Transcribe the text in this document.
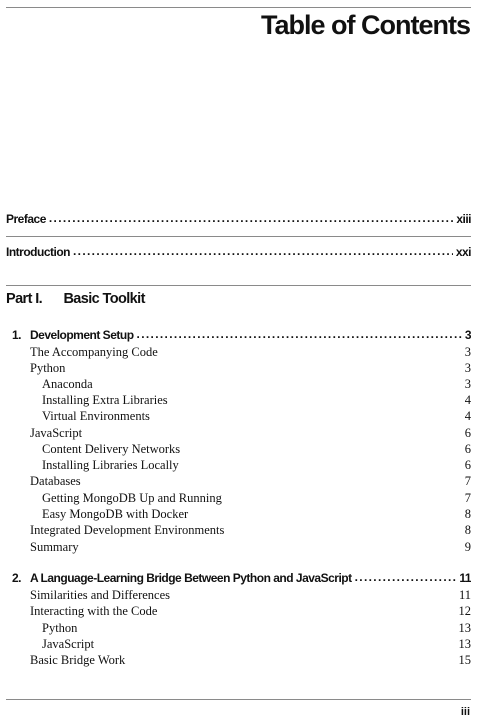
Table of Contents
Preface . . .	xiii
Introduction . . .	xxi
Part I. Basic Toolkit
1. Development Setup . . .	3
The Accompanying Code	3
Python	3
Anaconda	3
Installing Extra Libraries	4
Virtual Environments	4
JavaScript	6
Content Delivery Networks	6
Installing Libraries Locally	6
Databases	7
Getting MongoDB Up and Running	7
Easy MongoDB with Docker	8
Integrated Development Environments	8
Summary	9
2. A Language-Learning Bridge Between Python and JavaScript . . .	11
Similarities and Differences	11
Interacting with the Code	12
Python	13
JavaScript	13
Basic Bridge Work	15
iii
